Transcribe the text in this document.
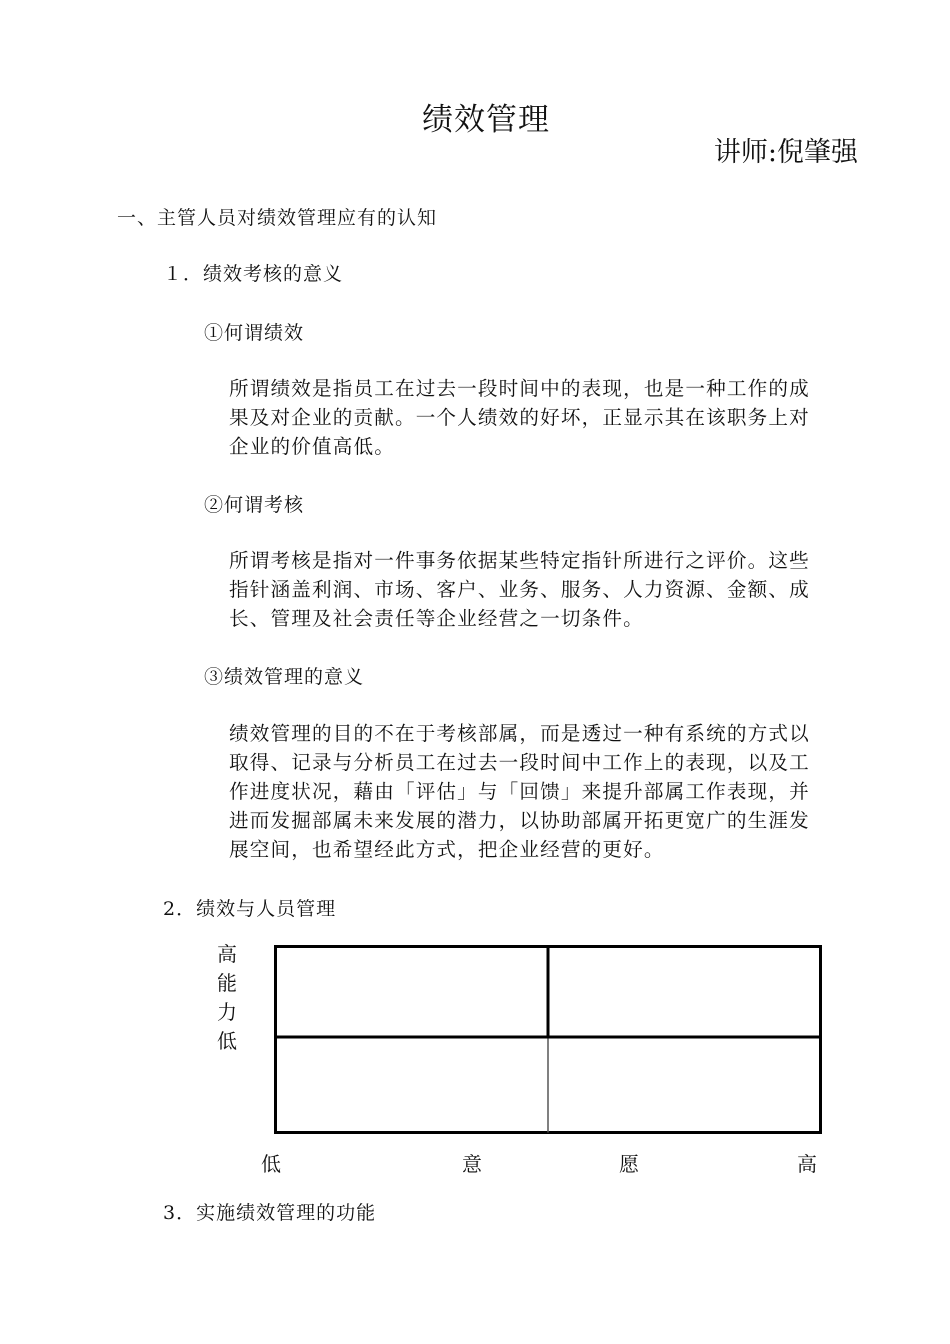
绩效管理
讲师:倪肇强
一、主管人员对绩效管理应有的认知
１．绩效考核的意义
①何谓绩效
所谓绩效是指员工在过去一段时间中的表现，也是一种工作的成
果及对企业的贡献。一个人绩效的好坏，正显示其在该职务上对
企业的价值高低。
②何谓考核
所谓考核是指对一件事务依据某些特定指针所进行之评价。这些
指针涵盖利润、市场、客户、业务、服务、人力资源、金额、成
长、管理及社会责任等企业经营之一切条件。
③绩效管理的意义
绩效管理的目的不在于考核部属，而是透过一种有系统的方式以
取得、记录与分析员工在过去一段时间中工作上的表现，以及工
作进度状况，藉由「评估」与「回馈」来提升部属工作表现，并
进而发掘部属未来发展的潜力，以协助部属开拓更宽广的生涯发
展空间，也希望经此方式，把企业经营的更好。
2．绩效与人员管理
高
能
力
低
低	意	愿	高
3．实施绩效管理的功能
